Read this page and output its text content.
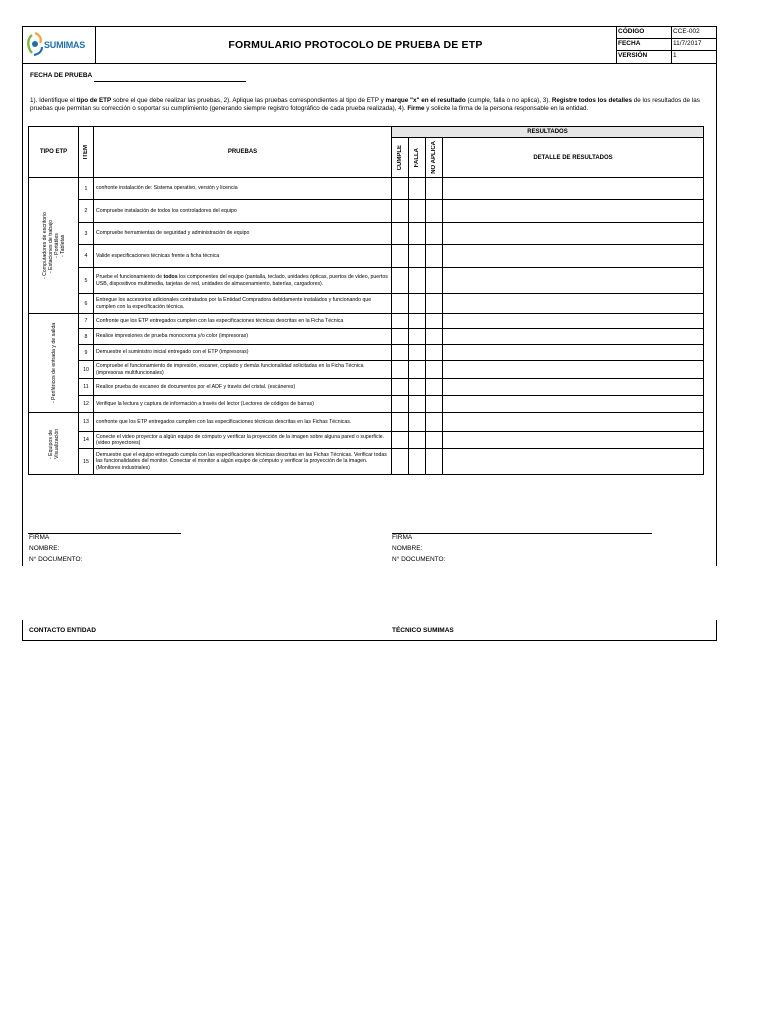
SUMIMAS	FORMULARIO PROTOCOLO DE PRUEBA DE ETP
CÓDIGO	CCE-002
FECHA	11/7/2017
VERSIÓN	1
FECHA DE PRUEBA
1). Identifique el tipo de ETP sobre el que debe realizar las pruebas, 2). Aplique las pruebas correspondientes al tipo de ETP y marque "x" en el resultado (cumple, falla o no aplica), 3). Registre todos los detalles de los resultados de las pruebas que permitan su corrección o soportar su cumplimiento (generando siempre registro fotográfico de cada prueba realizada), 4). Firme y solicite la firma de la persona responsable en la entidad.
TIPO ETP	ITEM	PRUEBAS	RESULTADOS			

			CUMPLE	FALLA	NO APLICA	DETALLE DE RESULTADOS

- Computadores de escritorio
- Estaciones de trabajo
- Portátiles
- Tabletas	1	confronte instalación de: Sistema operativo, versión y licencia				
	2	Compruebe instalación de todos los controladores del equipo				
	3	Compruebe herramientas de seguridad y administración de equipo				
	4	Valide especificaciones técnicas frente a ficha técnica				
	5	Pruebe el funcionamiento de todos los componentes del equipo (pantalla, teclado, unidades ópticas, puertos de video, puertos USB, dispositivos multimedia, tarjetas de red, unidades de almacenamiento, baterías, cargadores).				
	6	Entregue los accesorios adicionales contratados por la Entidad Compradora debidamente instalados y funcionando que cumplen con la especificación técnica.				

- Periféricos de entrada y de salida	7	Confronte que los ETP entregados cumplen con las especificaciones técnicas descritas en la Ficha Técnica				
	8	Realice impresiones de prueba monocroma y/o color (impresoras)				
	9	Demuestre el suministro inicial entregado con el ETP (impresoras)				
	10	Compruebe el funcionamiento de impresión, escaner, copiado y demás funcionalidad solicitadas en la Ficha Técnica (impresoras multifuncionales)				
	11	Realice prueba de escaneo de documentos por el ADF y través del cristal. (escáneres)				
	12	Verifique la lectura y captura de información a través del lector (Lectores de códigos de barras)				

- Equipos de
Visualización	13	confronte que los ETP entregados cumplen con las especificaciones técnicas descritas en las Fichas Técnicas.				
	14	Conecte el video proyector a algún equipo de cómputo y verificar la proyección de la imagen sobre alguna pared o superficie. (video proyectores)				
	15	Demuestre que el equipo entregado cumpla con las especificaciones técnicas descritas en las Fichas Técnicas. Verificar todas las funcionalidades del monitor. Conectar el monitor a algún equipo de cómputo y verificar la proyección de la imagen. (Monitores industriales)				
FIRMA
NOMBRE:
N° DOCUMENTO:
FIRMA
NOMBRE:
N° DOCUMENTO:
CONTACTO ENTIDAD	TÉCNICO SUMIMAS
